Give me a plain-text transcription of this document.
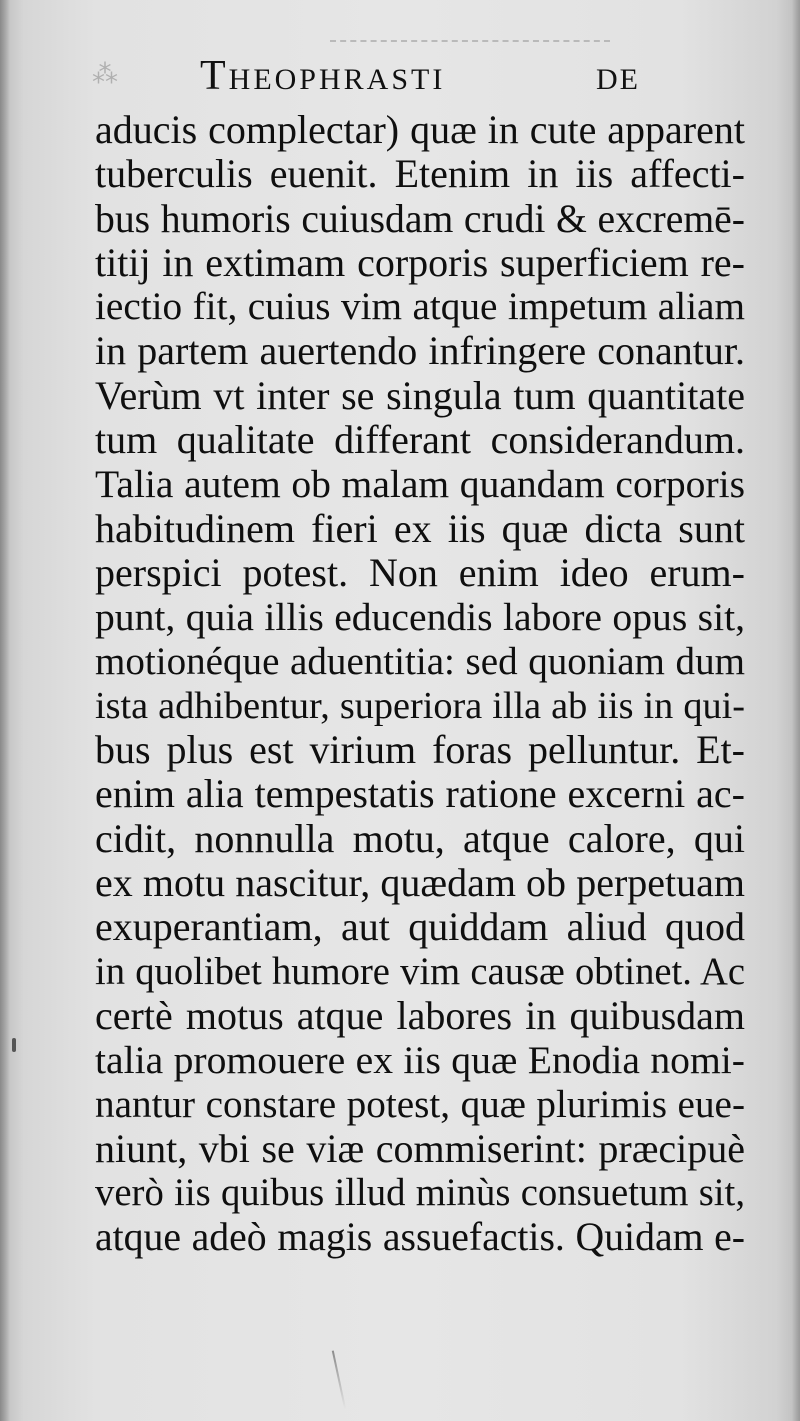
⁂ THEOPHRASTI	DE
aducis complectar) quæ in cute apparent
tuberculis euenit. Etenim in iis affecti-
bus humoris cuiusdam crudi & excremē-
titij in extimam corporis superficiem re-
iectio fit, cuius vim atque impetum aliam
in partem auertendo infringere conantur.
Verùm vt inter se singula tum quantitate
tum qualitate differant considerandum.
Talia autem ob malam quandam corporis
habitudinem fieri ex iis quæ dicta sunt
perspici potest. Non enim ideo erum-
punt, quia illis educendis labore opus sit,
motionéque aduentitia: sed quoniam dum
ista adhibentur, superiora illa ab iis in qui-
bus plus est virium foras pelluntur. Et-
enim alia tempestatis ratione excerni ac-
cidit, nonnulla motu, atque calore, qui
ex motu nascitur, quædam ob perpetuam
exuperantiam, aut quiddam aliud quod
in quolibet humore vim causæ obtinet. Ac
certè motus atque labores in quibusdam
talia promouere ex iis quæ Enodia nomi-
nantur constare potest, quæ plurimis eue-
niunt, vbi se viæ commiserint: præcipuè
verò iis quibus illud minùs consuetum sit,
atque adeò magis assuefactis. Quidam e-
